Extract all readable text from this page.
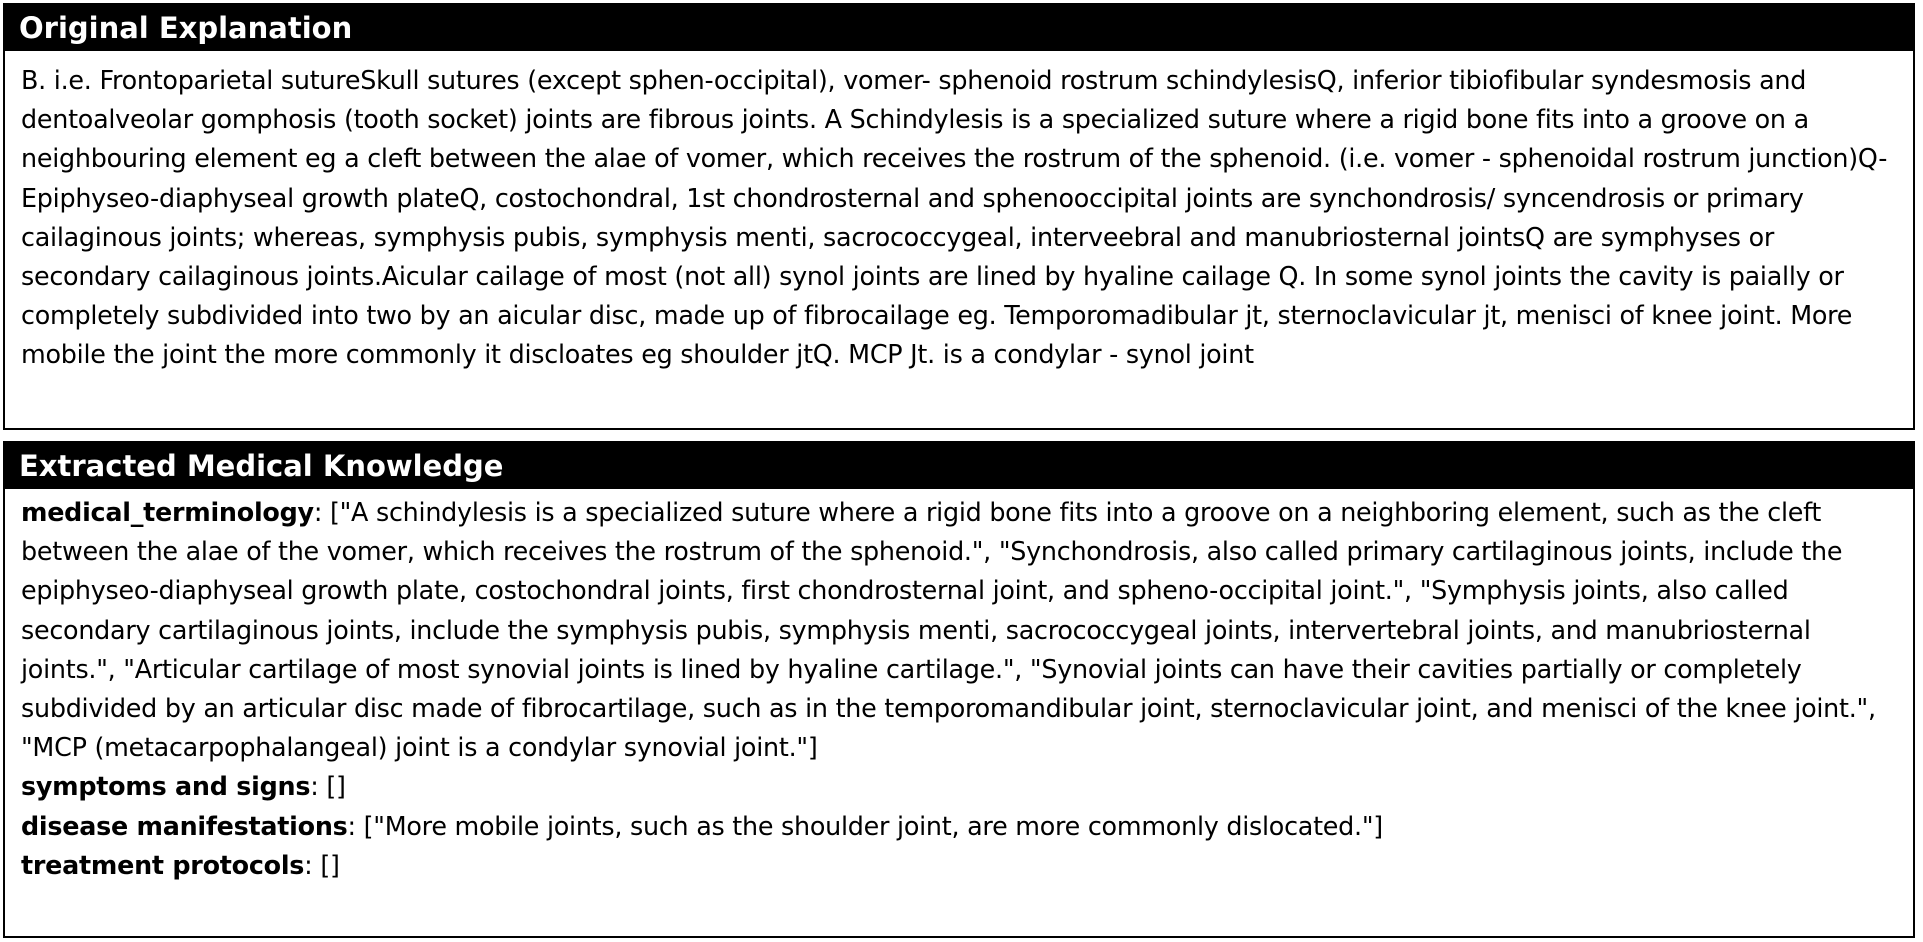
Original Explanation
B. i.e. Frontoparietal sutureSkull sutures (except sphen-occipital), vomer- sphenoid rostrum schindylesisQ, inferior tibiofibular syndesmosis and dentoalveolar gomphosis (tooth socket) joints are fibrous joints. A Schindylesis is a specialized suture where a rigid bone fits into a groove on a neighbouring element eg a cleft between the alae of vomer, which receives the rostrum of the sphenoid. (i.e. vomer - sphenoidal rostrum junction)Q- Epiphyseo-diaphyseal growth plateQ, costochondral, 1st chondrosternal and sphenooccipital joints are synchondrosis/ syncendrosis or primary cailaginous joints; whereas, symphysis pubis, symphysis menti, sacrococcygeal, interveebral and manubriosternal jointsQ are symphyses or secondary cailaginous joints.Aicular cailage of most (not all) synol joints are lined by hyaline cailage Q. In some synol joints the cavity is paially or completely subdivided into two by an aicular disc, made up of fibrocailage eg. Temporomadibular jt, sternoclavicular jt, menisci of knee joint. More mobile the joint the more commonly it discloates eg shoulder jtQ. MCP Jt. is a condylar - synol joint
Extracted Medical Knowledge
medical_terminology: ["A schindylesis is a specialized suture where a rigid bone fits into a groove on a neighboring element, such as the cleft between the alae of the vomer, which receives the rostrum of the sphenoid.", "Synchondrosis, also called primary cartilaginous joints, include the epiphyseo-diaphyseal growth plate, costochondral joints, first chondrosternal joint, and spheno-occipital joint.", "Symphysis joints, also called secondary cartilaginous joints, include the symphysis pubis, symphysis menti, sacrococcygeal joints, intervertebral joints, and manubriosternal joints.", "Articular cartilage of most synovial joints is lined by hyaline cartilage.", "Synovial joints can have their cavities partially or completely subdivided by an articular disc made of fibrocartilage, such as in the temporomandibular joint, sternoclavicular joint, and menisci of the knee joint.", "MCP (metacarpophalangeal) joint is a condylar synovial joint."]
symptoms and signs: []
disease manifestations: ["More mobile joints, such as the shoulder joint, are more commonly dislocated."]
treatment protocols: []
